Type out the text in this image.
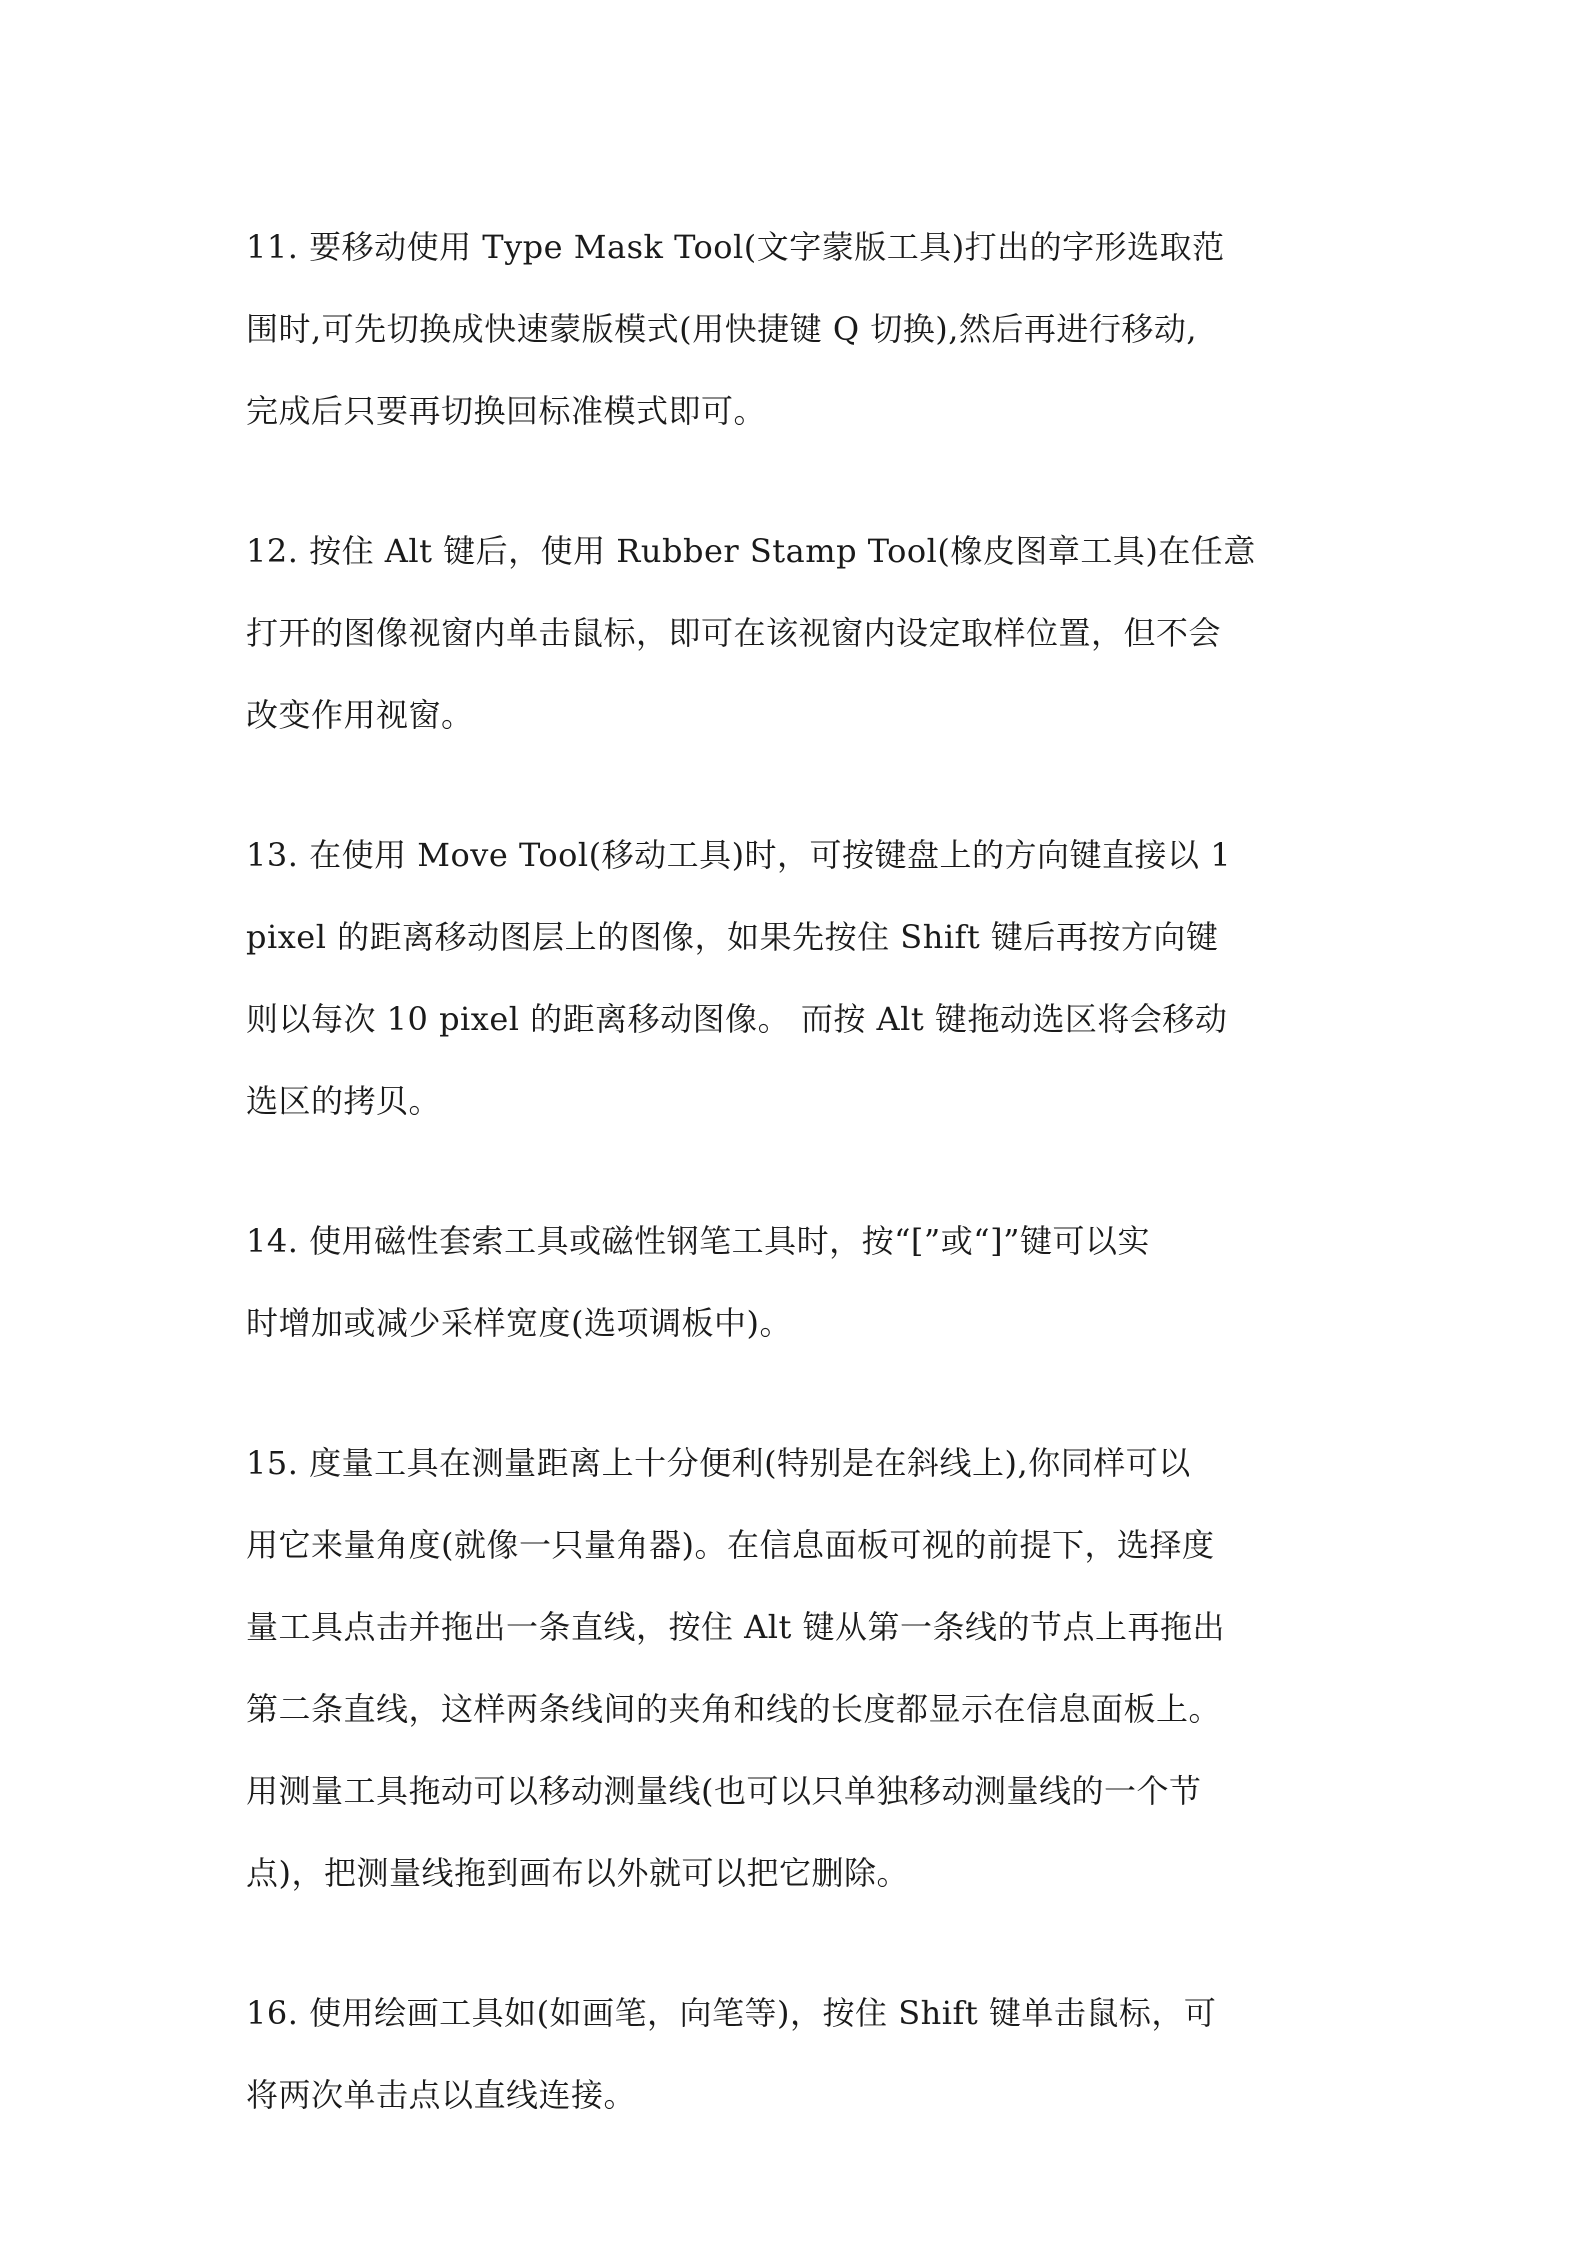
11. 要移动使用 Type Mask Tool(文字蒙版工具)打出的字形选取范
围时,可先切换成快速蒙版模式(用快捷键 Q 切换),然后再进行移动,
完成后只要再切换回标准模式即可。
12. 按住 Alt 键后，使用 Rubber Stamp Tool(橡皮图章工具)在任意
打开的图像视窗内单击鼠标，即可在该视窗内设定取样位置，但不会
改变作用视窗。
13. 在使用 Move Tool(移动工具)时，可按键盘上的方向键直接以 1
pixel 的距离移动图层上的图像，如果先按住 Shift 键后再按方向键
则以每次 10 pixel 的距离移动图像。 而按 Alt 键拖动选区将会移动
选区的拷贝。
14. 使用磁性套索工具或磁性钢笔工具时，按“[”或“]”键可以实
时增加或减少采样宽度(选项调板中)。
15. 度量工具在测量距离上十分便利(特别是在斜线上),你同样可以
用它来量角度(就像一只量角器)。在信息面板可视的前提下，选择度
量工具点击并拖出一条直线，按住 Alt 键从第一条线的节点上再拖出
第二条直线，这样两条线间的夹角和线的长度都显示在信息面板上。
用测量工具拖动可以移动测量线(也可以只单独移动测量线的一个节
点)，把测量线拖到画布以外就可以把它删除。
16. 使用绘画工具如(如画笔，向笔等)，按住 Shift 键单击鼠标，可
将两次单击点以直线连接。
